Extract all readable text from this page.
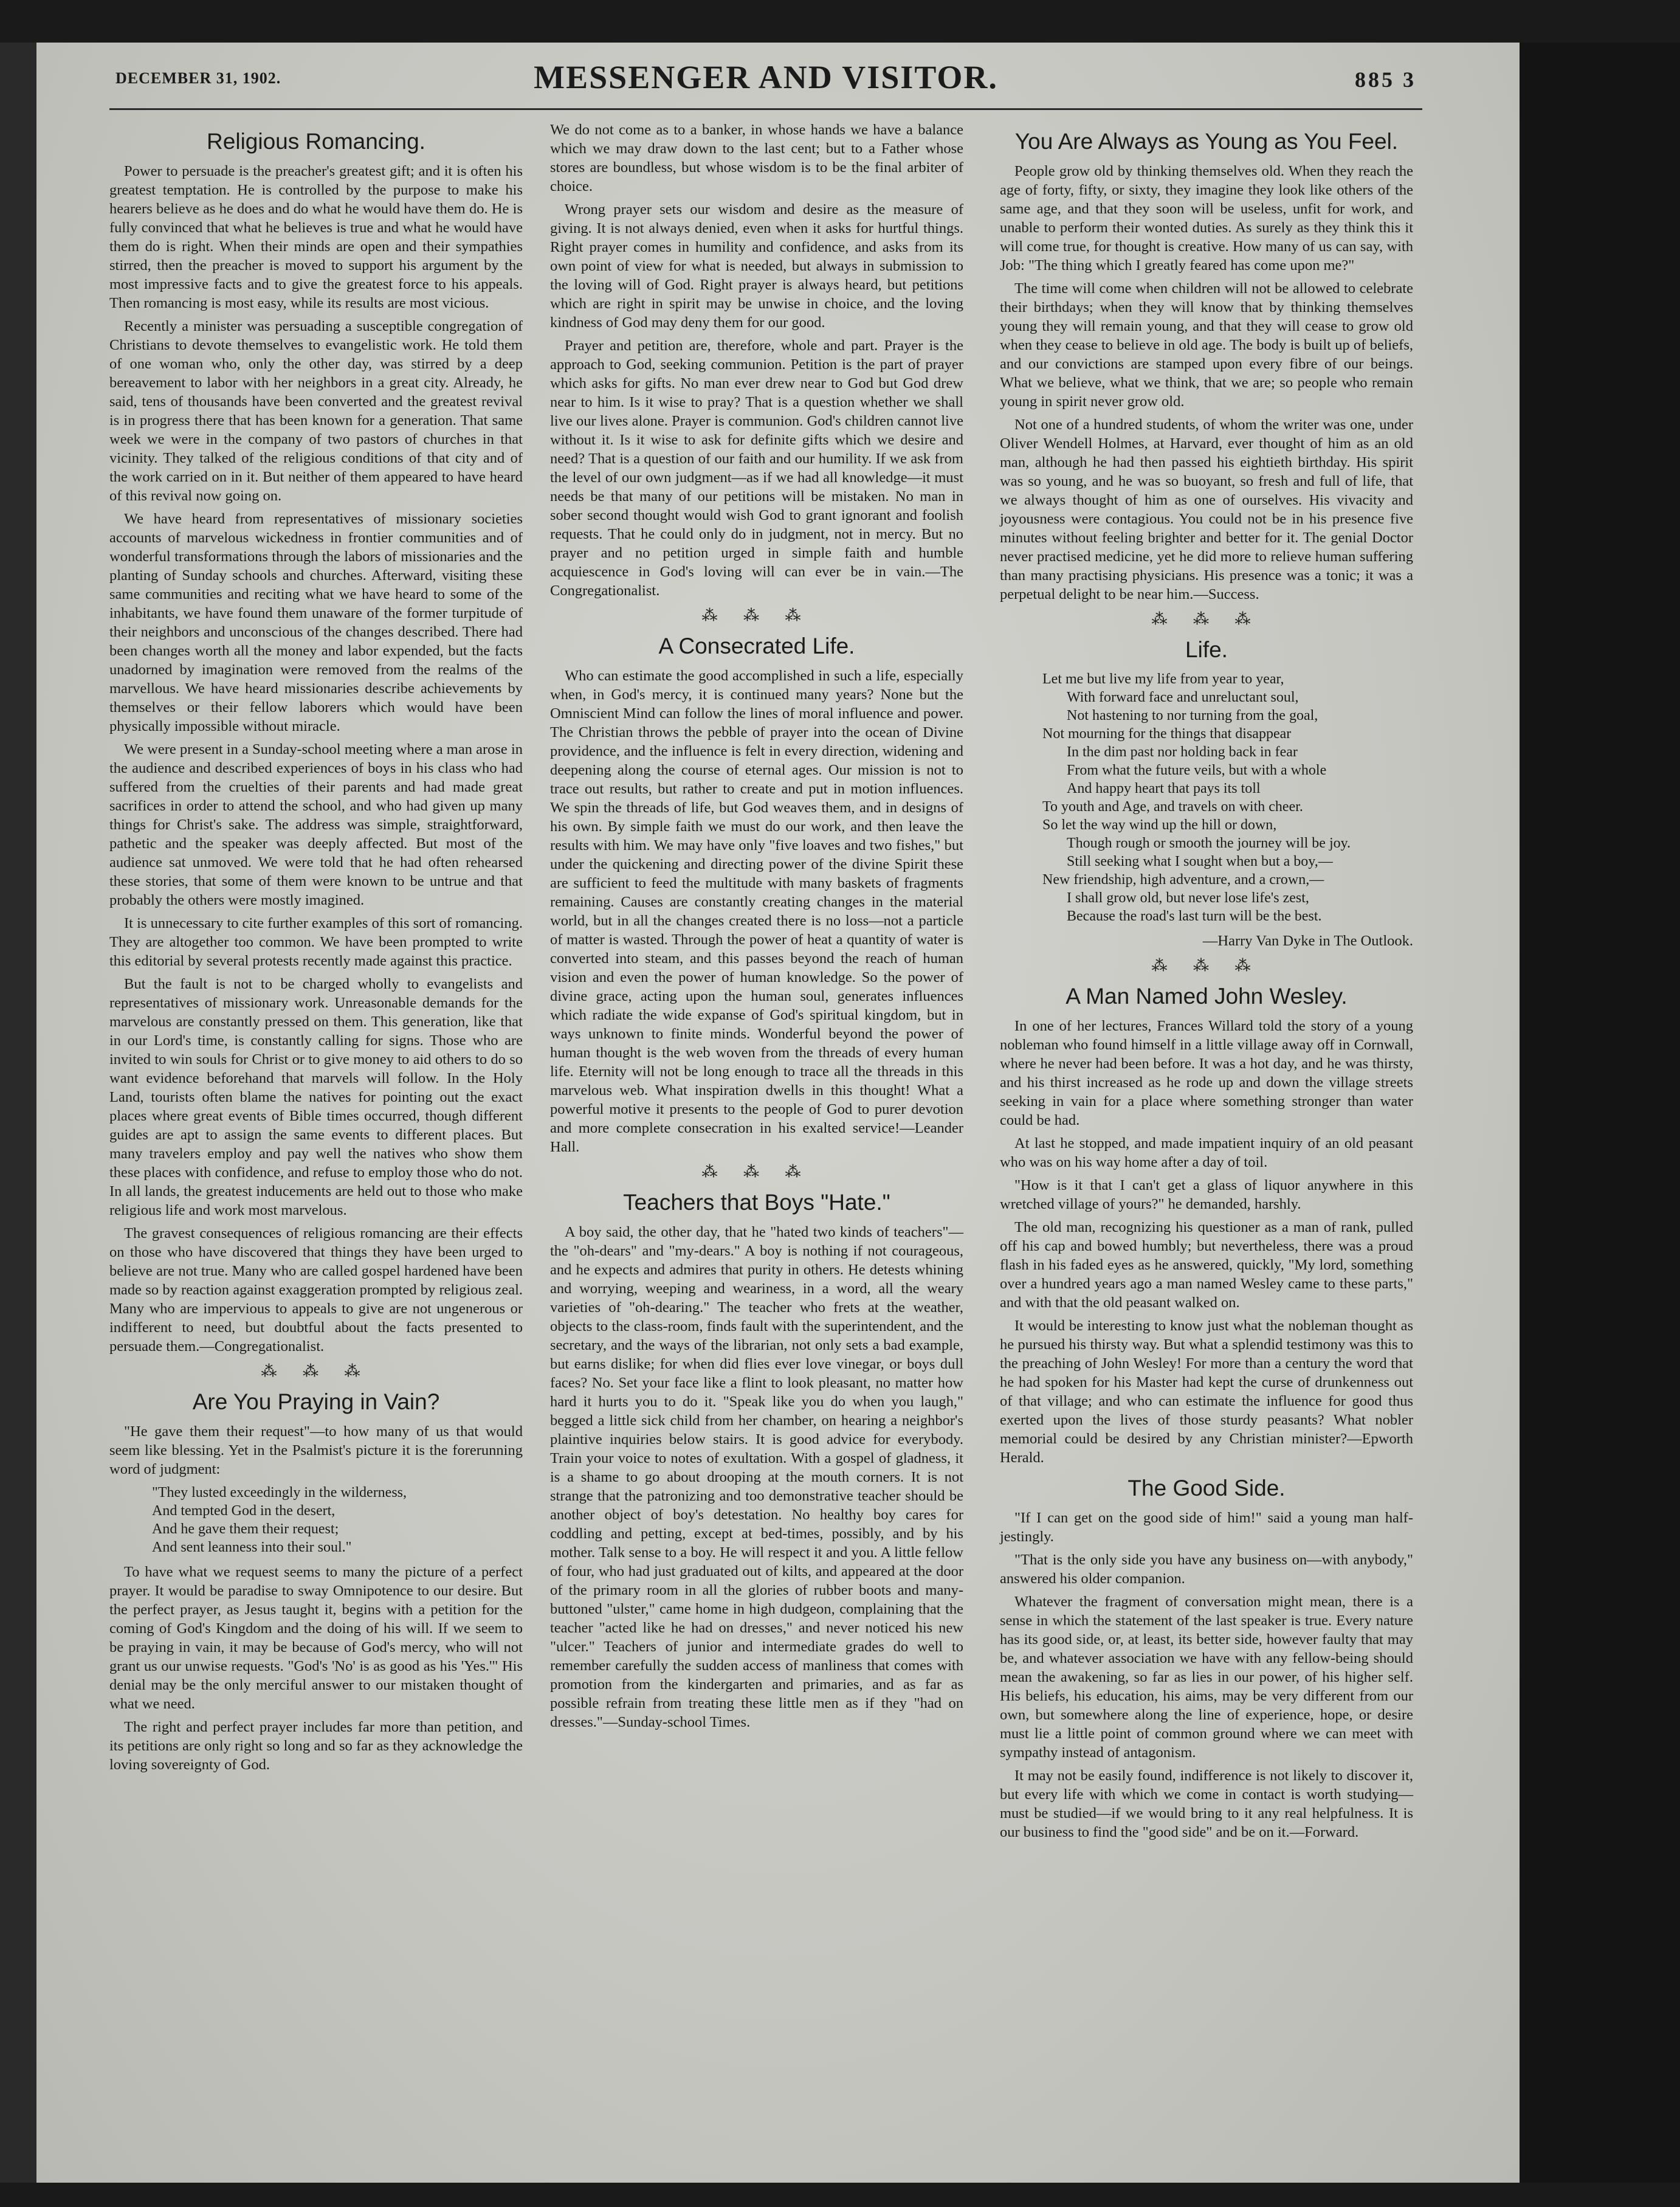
DECEMBER 31, 1902.	MESSENGER AND VISITOR.	885 3
Religious Romancing.

Power to persuade is the preacher's greatest gift; and it is often his greatest temptation. He is controlled by the purpose to make his hearers believe as he does and do what he would have them do. He is fully convinced that what he believes is true and what he would have them do is right. When their minds are open and their sympathies stirred, then the preacher is moved to support his argument by the most impressive facts and to give the greatest force to his appeals. Then romancing is most easy, while its results are most vicious.

Recently a minister was persuading a susceptible congregation of Christians to devote themselves to evangelistic work. He told them of one woman who, only the other day, was stirred by a deep bereavement to labor with her neighbors in a great city. Already, he said, tens of thousands have been converted and the greatest revival is in progress there that has been known for a generation. That same week we were in the company of two pastors of churches in that vicinity. They talked of the religious conditions of that city and of the work carried on in it. But neither of them appeared to have heard of this revival now going on.

We have heard from representatives of missionary societies accounts of marvelous wickedness in frontier communities and of wonderful transformations through the labors of missionaries and the planting of Sunday schools and churches. Afterward, visiting these same communities and reciting what we have heard to some of the inhabitants, we have found them unaware of the former turpitude of their neighbors and unconscious of the changes described. There had been changes worth all the money and labor expended, but the facts unadorned by imagination were removed from the realms of the marvellous. We have heard missionaries describe achievements by themselves or their fellow laborers which would have been physically impossible without miracle.

We were present in a Sunday-school meeting where a man arose in the audience and described experiences of boys in his class who had suffered from the cruelties of their parents and had made great sacrifices in order to attend the school, and who had given up many things for Christ's sake. The address was simple, straightforward, pathetic and the speaker was deeply affected. But most of the audience sat unmoved. We were told that he had often rehearsed these stories, that some of them were known to be untrue and that probably the others were mostly imagined.

It is unnecessary to cite further examples of this sort of romancing. They are altogether too common. We have been prompted to write this editorial by several protests recently made against this practice.

But the fault is not to be charged wholly to evangelists and representatives of missionary work. Unreasonable demands for the marvelous are constantly pressed on them. This generation, like that in our Lord's time, is constantly calling for signs. Those who are invited to win souls for Christ or to give money to aid others to do so want evidence beforehand that marvels will follow. In the Holy Land, tourists often blame the natives for pointing out the exact places where great events of Bible times occurred, though different guides are apt to assign the same events to different places. But many travelers employ and pay well the natives who show them these places with confidence, and refuse to employ those who do not. In all lands, the greatest inducements are held out to those who make religious life and work most marvelous.

The gravest consequences of religious romancing are their effects on those who have discovered that things they have been urged to believe are not true. Many who are called gospel hardened have been made so by reaction against exaggeration prompted by religious zeal. Many who are impervious to appeals to give are not ungenerous or indifferent to need, but doubtful about the facts presented to persuade them.—Congregationalist.

⁂ ⁂ ⁂
Are You Praying in Vain?

"He gave them their request"—to how many of us that would seem like blessing. Yet in the Psalmist's picture it is the forerunning word of judgment:

"They lusted exceedingly in the wilderness,
And tempted God in the desert,
And he gave them their request;
And sent leanness into their soul."

To have what we request seems to many the picture of a perfect prayer. It would be paradise to sway Omnipotence to our desire. But the perfect prayer, as Jesus taught it, begins with a petition for the coming of God's Kingdom and the doing of his will. If we seem to be praying in vain, it may be because of God's mercy, who will not grant us our unwise requests. "God's 'No' is as good as his 'Yes.'" His denial may be the only merciful answer to our mistaken thought of what we need.

The right and perfect prayer includes far more than petition, and its petitions are only right so long and so far as they acknowledge the loving sovereignty of God.

We do not come as to a banker, in whose hands we have a balance which we may draw down to the last cent; but to a Father whose stores are boundless, but whose wisdom is to be the final arbiter of choice.

Wrong prayer sets our wisdom and desire as the measure of giving. It is not always denied, even when it asks for hurtful things. Right prayer comes in humility and confidence, and asks from its own point of view for what is needed, but always in submission to the loving will of God. Right prayer is always heard, but petitions which are right in spirit may be unwise in choice, and the loving kindness of God may deny them for our good.

Prayer and petition are, therefore, whole and part. Prayer is the approach to God, seeking communion. Petition is the part of prayer which asks for gifts. No man ever drew near to God but God drew near to him. Is it wise to pray? That is a question whether we shall live our lives alone. Prayer is communion. God's children cannot live without it. Is it wise to ask for definite gifts which we desire and need? That is a question of our faith and our humility. If we ask from the level of our own judgment—as if we had all knowledge—it must needs be that many of our petitions will be mistaken. No man in sober second thought would wish God to grant ignorant and foolish requests. That he could only do in judgment, not in mercy. But no prayer and no petition urged in simple faith and humble acquiescence in God's loving will can ever be in vain.—The Congregationalist.

⁂ ⁂ ⁂
A Consecrated Life.

Who can estimate the good accomplished in such a life, especially when, in God's mercy, it is continued many years? None but the Omniscient Mind can follow the lines of moral influence and power. The Christian throws the pebble of prayer into the ocean of Divine providence, and the influence is felt in every direction, widening and deepening along the course of eternal ages. Our mission is not to trace out results, but rather to create and put in motion influences. We spin the threads of life, but God weaves them, and in designs of his own. By simple faith we must do our work, and then leave the results with him. We may have only "five loaves and two fishes," but under the quickening and directing power of the divine Spirit these are sufficient to feed the multitude with many baskets of fragments remaining. Causes are constantly creating changes in the material world, but in all the changes created there is no loss—not a particle of matter is wasted. Through the power of heat a quantity of water is converted into steam, and this passes beyond the reach of human vision and even the power of human knowledge. So the power of divine grace, acting upon the human soul, generates influences which radiate the wide expanse of God's spiritual kingdom, but in ways unknown to finite minds. Wonderful beyond the power of human thought is the web woven from the threads of every human life. Eternity will not be long enough to trace all the threads in this marvelous web. What inspiration dwells in this thought! What a powerful motive it presents to the people of God to purer devotion and more complete consecration in his exalted service!—Leander Hall.

⁂ ⁂ ⁂
Teachers that Boys "Hate."

A boy said, the other day, that he "hated two kinds of teachers"—the "oh-dears" and "my-dears." A boy is nothing if not courageous, and he expects and admires that purity in others. He detests whining and worrying, weeping and weariness, in a word, all the weary varieties of "oh-dearing." The teacher who frets at the weather, objects to the class-room, finds fault with the superintendent, and the secretary, and the ways of the librarian, not only sets a bad example, but earns dislike; for when did flies ever love vinegar, or boys dull faces? No. Set your face like a flint to look pleasant, no matter how hard it hurts you to do it. "Speak like you do when you laugh," begged a little sick child from her chamber, on hearing a neighbor's plaintive inquiries below stairs. It is good advice for everybody. Train your voice to notes of exultation. With a gospel of gladness, it is a shame to go about drooping at the mouth corners. It is not strange that the patronizing and too demonstrative teacher should be another object of boy's detestation. No healthy boy cares for coddling and petting, except at bed-times, possibly, and by his mother. Talk sense to a boy. He will respect it and you. A little fellow of four, who had just graduated out of kilts, and appeared at the door of the primary room in all the glories of rubber boots and many-buttoned "ulster," came home in high dudgeon, complaining that the teacher "acted like he had on dresses," and never noticed his new "ulcer." Teachers of junior and intermediate grades do well to remember carefully the sudden access of manliness that comes with promotion from the kindergarten and primaries, and as far as possible refrain from treating these little men as if they "had on dresses."—Sunday-school Times.

You Are Always as Young as You Feel.

People grow old by thinking themselves old. When they reach the age of forty, fifty, or sixty, they imagine they look like others of the same age, and that they soon will be useless, unfit for work, and unable to perform their wonted duties. As surely as they think this it will come true, for thought is creative. How many of us can say, with Job: "The thing which I greatly feared has come upon me?"

The time will come when children will not be allowed to celebrate their birthdays; when they will know that by thinking themselves young they will remain young, and that they will cease to grow old when they cease to believe in old age. The body is built up of beliefs, and our convictions are stamped upon every fibre of our beings. What we believe, what we think, that we are; so people who remain young in spirit never grow old.

Not one of a hundred students, of whom the writer was one, under Oliver Wendell Holmes, at Harvard, ever thought of him as an old man, although he had then passed his eightieth birthday. His spirit was so young, and he was so buoyant, so fresh and full of life, that we always thought of him as one of ourselves. His vivacity and joyousness were contagious. You could not be in his presence five minutes without feeling brighter and better for it. The genial Doctor never practised medicine, yet he did more to relieve human suffering than many practising physicians. His presence was a tonic; it was a perpetual delight to be near him.—Success.

⁂ ⁂ ⁂
Life.
Let me but live my life from year to year,
With forward face and unreluctant soul,
Not hastening to nor turning from the goal,
Not mourning for the things that disappear
In the dim past nor holding back in fear
From what the future veils, but with a whole
And happy heart that pays its toll
To youth and Age, and travels on with cheer.
So let the way wind up the hill or down,
Though rough or smooth the journey will be joy.
Still seeking what I sought when but a boy,—
New friendship, high adventure, and a crown,—
I shall grow old, but never lose life's zest,
Because the road's last turn will be the best.
—Harry Van Dyke in The Outlook.
⁂ ⁂ ⁂
A Man Named John Wesley.

In one of her lectures, Frances Willard told the story of a young nobleman who found himself in a little village away off in Cornwall, where he never had been before. It was a hot day, and he was thirsty, and his thirst increased as he rode up and down the village streets seeking in vain for a place where something stronger than water could be had.

At last he stopped, and made impatient inquiry of an old peasant who was on his way home after a day of toil.

"How is it that I can't get a glass of liquor anywhere in this wretched village of yours?" he demanded, harshly.

The old man, recognizing his questioner as a man of rank, pulled off his cap and bowed humbly; but nevertheless, there was a proud flash in his faded eyes as he answered, quickly, "My lord, something over a hundred years ago a man named Wesley came to these parts," and with that the old peasant walked on.

It would be interesting to know just what the nobleman thought as he pursued his thirsty way. But what a splendid testimony was this to the preaching of John Wesley! For more than a century the word that he had spoken for his Master had kept the curse of drunkenness out of that village; and who can estimate the influence for good thus exerted upon the lives of those sturdy peasants? What nobler memorial could be desired by any Christian minister?—Epworth Herald.

The Good Side.

"If I can get on the good side of him!" said a young man half-jestingly.

"That is the only side you have any business on—with anybody," answered his older companion.

Whatever the fragment of conversation might mean, there is a sense in which the statement of the last speaker is true. Every nature has its good side, or, at least, its better side, however faulty that may be, and whatever association we have with any fellow-being should mean the awakening, so far as lies in our power, of his higher self. His beliefs, his education, his aims, may be very different from our own, but somewhere along the line of experience, hope, or desire must lie a little point of common ground where we can meet with sympathy instead of antagonism.

It may not be easily found, indifference is not likely to discover it, but every life with which we come in contact is worth studying—must be studied—if we would bring to it any real helpfulness. It is our business to find the "good side" and be on it.—Forward.
